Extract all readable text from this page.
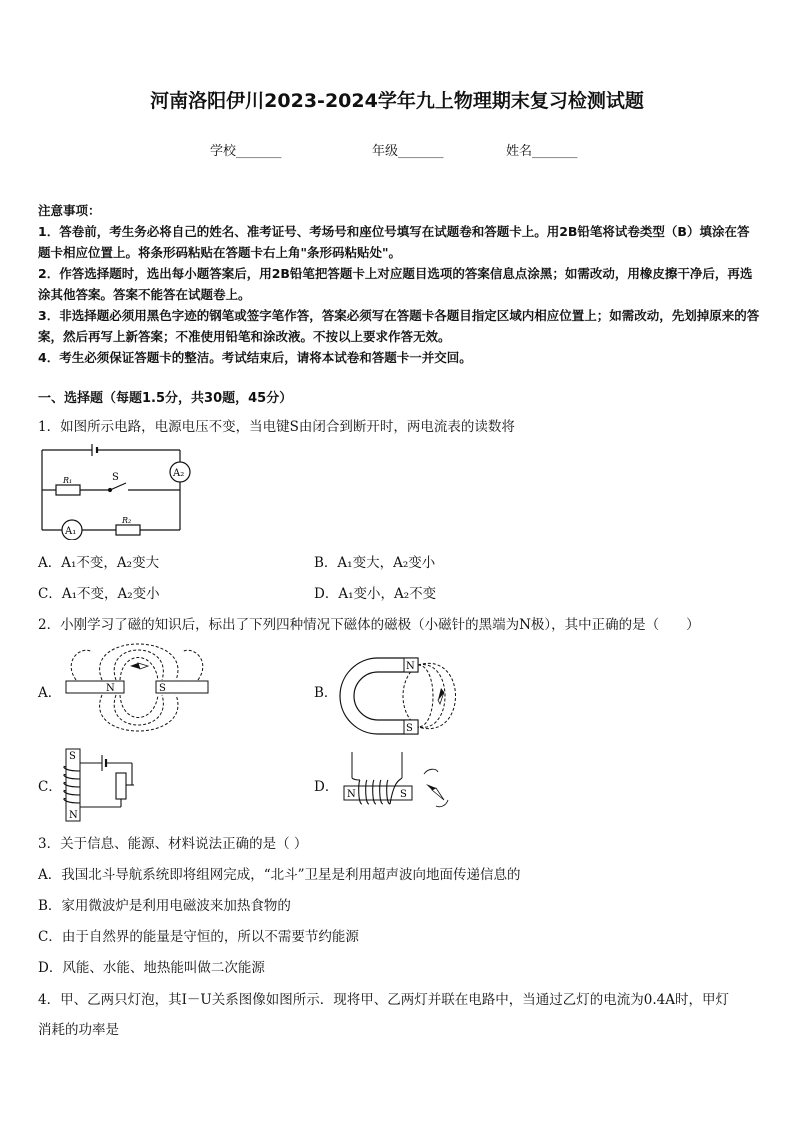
河南洛阳伊川2023-2024学年九上物理期末复习检测试题
学校_______	年级_______	姓名_______
注意事项：
1．答卷前，考生务必将自己的姓名、准考证号、考场号和座位号填写在试题卷和答题卡上。用2B铅笔将试卷类型（B）填涂在答题卡相应位置上。将条形码粘贴在答题卡右上角"条形码粘贴处"。
2．作答选择题时，选出每小题答案后，用2B铅笔把答题卡上对应题目选项的答案信息点涂黑；如需改动，用橡皮擦干净后，再选涂其他答案。答案不能答在试题卷上。
3．非选择题必须用黑色字迹的钢笔或签字笔作答，答案必须写在答题卡各题目指定区域内相应位置上；如需改动，先划掉原来的答案，然后再写上新答案；不准使用铅笔和涂改液。不按以上要求作答无效。
4．考生必须保证答题卡的整洁。考试结束后，请将本试卷和答题卡一并交回。
一、选择题（每题1.5分，共30题，45分）
1．如图所示电路，电源电压不变，当电键S由闭合到断开时，两电流表的读数将
A₂
A₁
R₁
R₂
S
A．A₁不变，A₂变大	B．A₁变大，A₂变小
C．A₁不变，A₂变小	D．A₁变小，A₂不变
2．小刚学习了磁的知识后，标出了下列四种情况下磁体的磁极（小磁针的黑端为N极），其中正确的是（　　）
A．	N	S	B．
N
S
C．
S
N
D． N	S
3．关于信息、能源、材料说法正确的是（ ）
A．我国北斗导航系统即将组网完成，“北斗”卫星是利用超声波向地面传递信息的
B．家用微波炉是利用电磁波来加热食物的
C．由于自然界的能量是守恒的，所以不需要节约能源
D．风能、水能、地热能叫做二次能源
4．甲、乙两只灯泡，其I－U关系图像如图所示．现将甲、乙两灯并联在电路中，当通过乙灯的电流为0.4A时，甲灯
消耗的功率是
